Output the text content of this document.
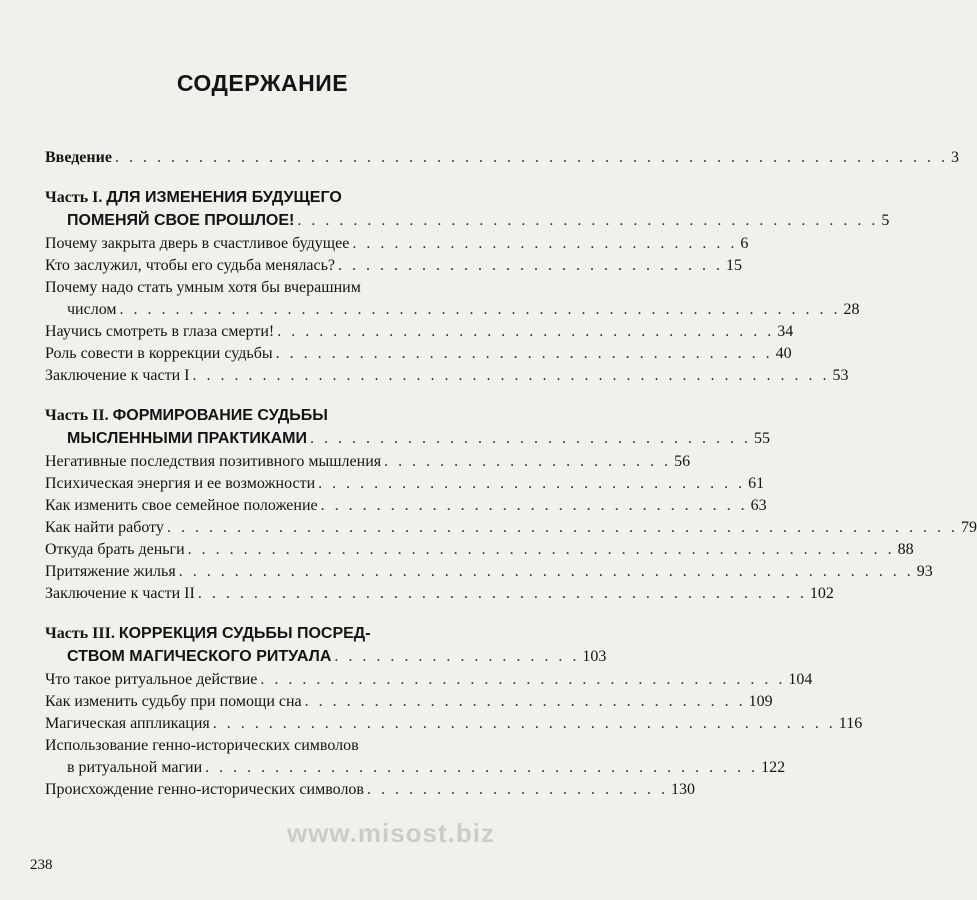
СОДЕРЖАНИЕ
Введение . . . . . . . . . . . . . . . . . . . . . . . . . . . . . . . . . . . . . . . . . . . . . . . . . . . . . . . . . . . . 3
Часть I. ДЛЯ ИЗМЕНЕНИЯ БУДУЩЕГО
ПОМЕНЯЙ СВОЕ ПРОШЛОЕ! . . . . . . . . . . . . . . . . . . . . . . . . . . . . . . . . . . . . . . . . . . 5
Почему закрыта дверь в счастливое будущее . . . . . . . . . . . . . . . . . . . . . . . . . . . . 6
Кто заслужил, чтобы его судьба менялась? . . . . . . . . . . . . . . . . . . . . . . . . . . . . 15
Почему надо стать умным хотя бы вчерашним
числом . . . . . . . . . . . . . . . . . . . . . . . . . . . . . . . . . . . . . . . . . . . . . . . . . . . . 28
Научись смотреть в глаза смерти! . . . . . . . . . . . . . . . . . . . . . . . . . . . . . . . . . . . . 34
Роль совести в коррекции судьбы . . . . . . . . . . . . . . . . . . . . . . . . . . . . . . . . . . . . 40
Заключение к части I . . . . . . . . . . . . . . . . . . . . . . . . . . . . . . . . . . . . . . . . . . . . . . 53
Часть II. ФОРМИРОВАНИЕ СУДЬБЫ
МЫСЛЕННЫМИ ПРАКТИКАМИ . . . . . . . . . . . . . . . . . . . . . . . . . . . . . . . . 55
Негативные последствия позитивного мышления . . . . . . . . . . . . . . . . . . . . . 56
Психическая энергия и ее возможности . . . . . . . . . . . . . . . . . . . . . . . . . . . . . . . 61
Как изменить свое семейное положение . . . . . . . . . . . . . . . . . . . . . . . . . . . . . . . 63
Как найти работу . . . . . . . . . . . . . . . . . . . . . . . . . . . . . . . . . . . . . . . . . . . . . . . . . . . . . . . . . 79
Откуда брать деньги . . . . . . . . . . . . . . . . . . . . . . . . . . . . . . . . . . . . . . . . . . . . . . . . . . . 88
Притяжение жилья . . . . . . . . . . . . . . . . . . . . . . . . . . . . . . . . . . . . . . . . . . . . . . . . . . . . . 93
Заключение к части II . . . . . . . . . . . . . . . . . . . . . . . . . . . . . . . . . . . . . . . . . . . . 102
Часть III. КОРРЕКЦИЯ СУДЬБЫ ПОСРЕД-
СТВОМ МАГИЧЕСКОГО РИТУАЛА . . . . . . . . . . . . . . . . . . 103
Что такое ритуальное действие . . . . . . . . . . . . . . . . . . . . . . . . . . . . . . . . . . . . . . 104
Как изменить судьбу при помощи сна . . . . . . . . . . . . . . . . . . . . . . . . . . . . . . . . 109
Магическая аппликация . . . . . . . . . . . . . . . . . . . . . . . . . . . . . . . . . . . . . . . . . . . . . 116
Использование генно-исторических символов
в ритуальной магии . . . . . . . . . . . . . . . . . . . . . . . . . . . . . . . . . . . . . . . . 122
Происхождение генно-исторических символов . . . . . . . . . . . . . . . . . . . . . . 130
www.misost.biz
238
